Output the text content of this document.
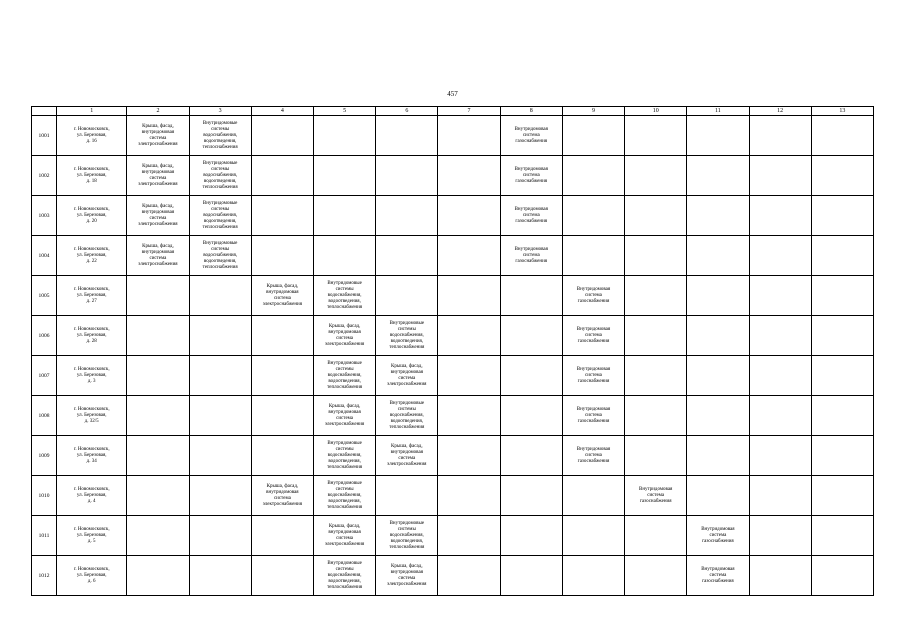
457
	1	2	3	4	5	6	7	8	9	10	11	12	13
1001	г. Новомосковск,
ул. Березовая,
д. 16	Крыша, фасад,
внутридомовая
система
электроснабжения	Внутридомовые
системы
водоснабжения,
водоотведения,
теплоснабжения					Внутридомовая
система
газоснабжения					

1002	г. Новомосковск,
ул. Березовая,
д. 18	Крыша, фасад,
внутридомовая
система
электроснабжения	Внутридомовые
системы
водоснабжения,
водоотведения,
теплоснабжения					Внутридомовая
система
газоснабжения					

1003	г. Новомосковск,
ул. Березовая,
д. 20	Крыша, фасад,
внутридомовая
система
электроснабжения	Внутридомовые
системы
водоснабжения,
водоотведения,
теплоснабжения					Внутридомовая
система
газоснабжения					

1004	г. Новомосковск,
ул. Березовая,
д. 22	Крыша, фасад,
внутридомовая
система
электроснабжения	Внутридомовые
системы
водоснабжения,
водоотведения,
теплоснабжения					Внутридомовая
система
газоснабжения					

1005	г. Новомосковск,
ул. Березовая,
д. 27			Крыша, фасад,
внутридомовая
система
электроснабжения	Внутридомовые
системы
водоснабжения,
водоотведения,
теплоснабжения				Внутридомовая
система
газоснабжения				

1006	г. Новомосковск,
ул. Березовая,
д. 28				Крыша, фасад,
внутридомовая
система
электроснабжения	Внутридомовые
системы
водоснабжения,
водоотведения,
теплоснабжения			Внутридомовая
система
газоснабжения				

1007	г. Новомосковск,
ул. Березовая,
д. 3				Внутридомовые
системы
водоснабжения,
водоотведения,
теплоснабжения	Крыша, фасад,
внутридомовая
система
электроснабжения			Внутридомовая
система
газоснабжения				

1008	г. Новомосковск,
ул. Березовая,
д. 32/5				Крыша, фасад,
внутридомовая
система
электроснабжения	Внутридомовые
системы
водоснабжения,
водоотведения,
теплоснабжения			Внутридомовая
система
газоснабжения				

1009	г. Новомосковск,
ул. Березовая,
д. 34				Внутридомовые
системы
водоснабжения,
водоотведения,
теплоснабжения	Крыша, фасад,
внутридомовая
система
электроснабжения			Внутридомовая
система
газоснабжения				

1010	г. Новомосковск,
ул. Березовая,
д. 4			Крыша, фасад,
внутридомовая
система
электроснабжения	Внутридомовые
системы
водоснабжения,
водоотведения,
теплоснабжения					Внутридомовая
система
газоснабжения			

1011	г. Новомосковск,
ул. Березовая,
д. 5				Крыша, фасад,
внутридомовая
система
электроснабжения	Внутридомовые
системы
водоснабжения,
водоотведения,
теплоснабжения					Внутридомовая
система
газоснабжения		

1012	г. Новомосковск,
ул. Березовая,
д. 6				Внутридомовые
системы
водоснабжения,
водоотведения,
теплоснабжения	Крыша, фасад,
внутридомовая
система
электроснабжения					Внутридомовая
система
газоснабжения		
